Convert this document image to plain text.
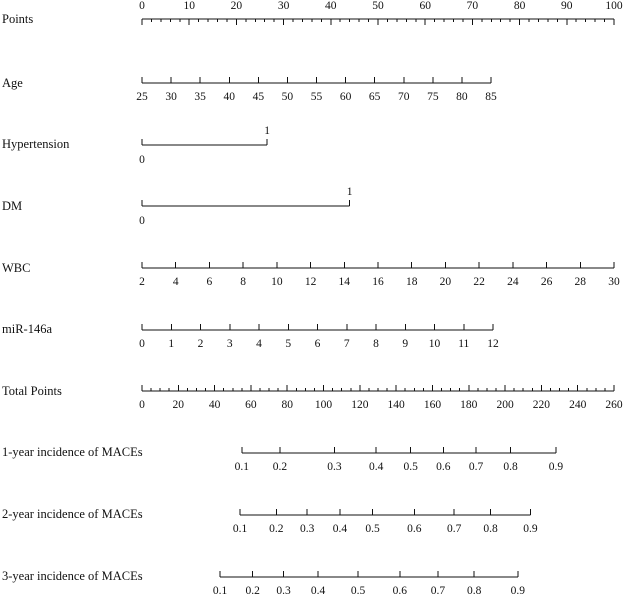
Points
0	10	20	30	40	50	60	70	80	90	100
Age
25 30 35 40 45 50 55 60 65 70 75 80 85
Hypertension
0
1
DM
0
1
WBC
2 4 6 8 10 12 14 16 18 20 22 24 26 28 30
miR-146a
0 1 2 3 4 5 6 7 8 9 10 11 12
Total Points
0 20 40 60 80 100 120 140 160 180 200 220 240 260
1-year incidence of MACEs
0.1 0.2	0.3 0.4 0.5 0.6 0.7 0.8	0.9
2-year incidence of MACEs
0.1 0.2 0.3 0.4 0.5 0.6 0.7 0.8 0.9
3-year incidence of MACEs
0.1 0.2 0.3 0.4 0.5 0.6 0.7 0.8	0.9
